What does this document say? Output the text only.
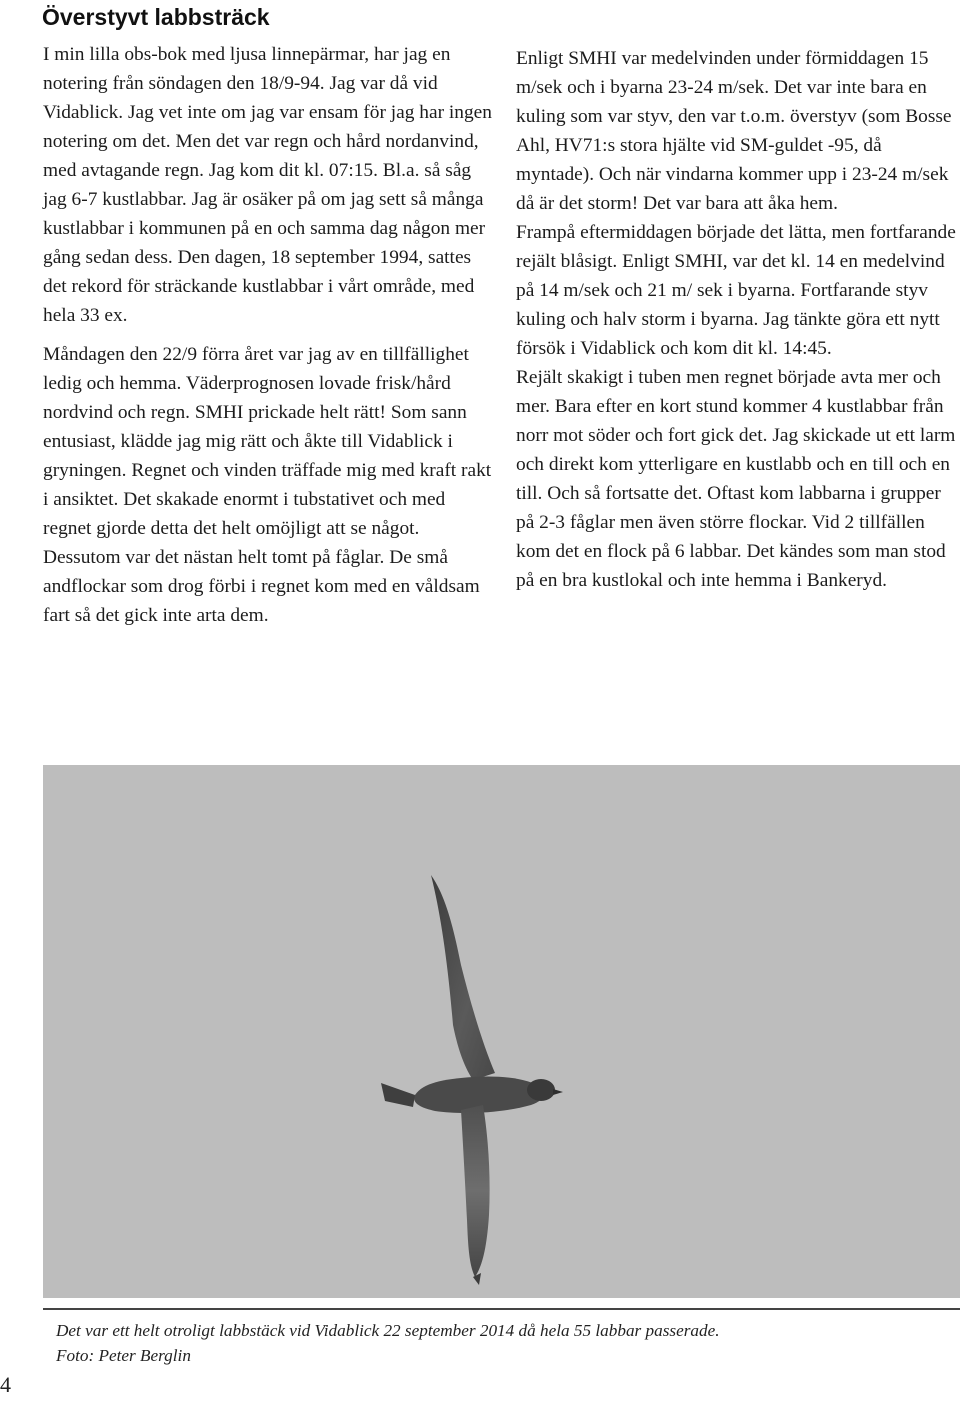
Överstyvt labbsträck

I min lilla obs-bok med ljusa linnepärmar, har jag en notering från söndagen den 18/9-94. Jag var då vid Vidablick. Jag vet inte om jag var ensam för jag har ingen notering om det. Men det var regn och hård nordanvind, med avtagande regn. Jag kom dit kl. 07:15. Bl.a. så såg jag 6-7 kustlabbar. Jag är osäker på om jag sett så många kustlabbar i kommunen på en och samma dag någon mer gång sedan dess. Den dagen, 18 september 1994, sattes det rekord för sträckande kustlabbar i vårt område, med hela 33 ex.

Måndagen den 22/9 förra året var jag av en tillfällighet ledig och hemma. Väderprognosen lovade frisk/hård nordvind och regn. SMHI prickade helt rätt! Som sann entusiast, klädde jag mig rätt och åkte till Vidablick i gryningen. Regnet och vinden träffade mig med kraft rakt i ansiktet. Det skakade enormt i tubstativet och med regnet gjorde detta det helt omöjligt att se något. Dessutom var det nästan helt tomt på fåglar. De små andflockar som drog förbi i regnet kom med en våldsam fart så det gick inte arta dem.

Enligt SMHI var medelvinden under förmiddagen 15 m/sek och i byarna 23-24 m/sek. Det var inte bara en kuling som var styv, den var t.o.m. överstyv (som Bosse Ahl, HV71:s stora hjälte vid SM-guldet -95, då myntade). Och när vindarna kommer upp i 23-24 m/sek då är det storm! Det var bara att åka hem.

Frampå eftermiddagen började det lätta, men fortfarande rejält blåsigt. Enligt SMHI, var det kl. 14 en medelvind på 14 m/sek och 21 m/ sek i byarna. Fortfarande styv kuling och halv storm i byarna. Jag tänkte göra ett nytt försök i Vidablick och kom dit kl. 14:45.

Rejält skakigt i tuben men regnet började avta mer och mer. Bara efter en kort stund kommer 4 kustlabbar från norr mot söder och fort gick det. Jag skickade ut ett larm och direkt kom ytterligare en kustlabb och en till och en till. Och så fortsatte det. Oftast kom labbarna i grupper på 2-3 fåglar men även större flockar. Vid 2 tillfällen kom det en flock på 6 labbar. Det kändes som man stod på en bra kustlokal och inte hemma i Bankeryd.

Det var ett helt otroligt labbstäck vid Vidablick 22 september 2014 då hela 55 labbar passerade.

Foto: Peter Berglin

4
